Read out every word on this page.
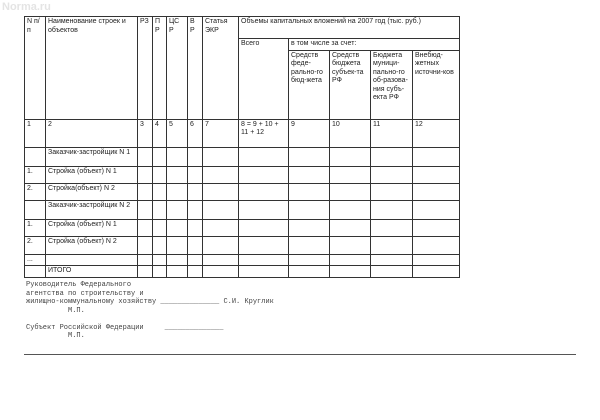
Norma.ru
N п/п	Наименование строек и объектов	РЗ	П Р	ЦС Р	В Р	Статья ЭКР	Объемы капитальных вложений на 2007 год (тыс. руб.)				
							Всего	в том числе за счет:			
								Средств феде-рально-го бюд-жета	Средств бюджета субъек-та РФ	Бюджета муници-пально-го об-разова-ния субъ-екта РФ	Внебюд-жетных источни-ков
1	2	3	4	5	6	7	8 = 9 + 10 + 11 + 12	9	10	11	12
	Заказчик-застройщик N 1										
1.	Стройка (объект) N 1										
2.	Стройка(объект) N 2										
	Заказчик-застройщик N 2										
1.	Стройка (объект) N 1										
2.	Стройка (объект) N 2										
...											
	ИТОГО										
Руководитель Федерального
агентства по строительству и
жилищно-коммунальному хозяйству ______________ С.И. Круглик
М.П.

Субъект Российской Федерации	______________
М.П.
